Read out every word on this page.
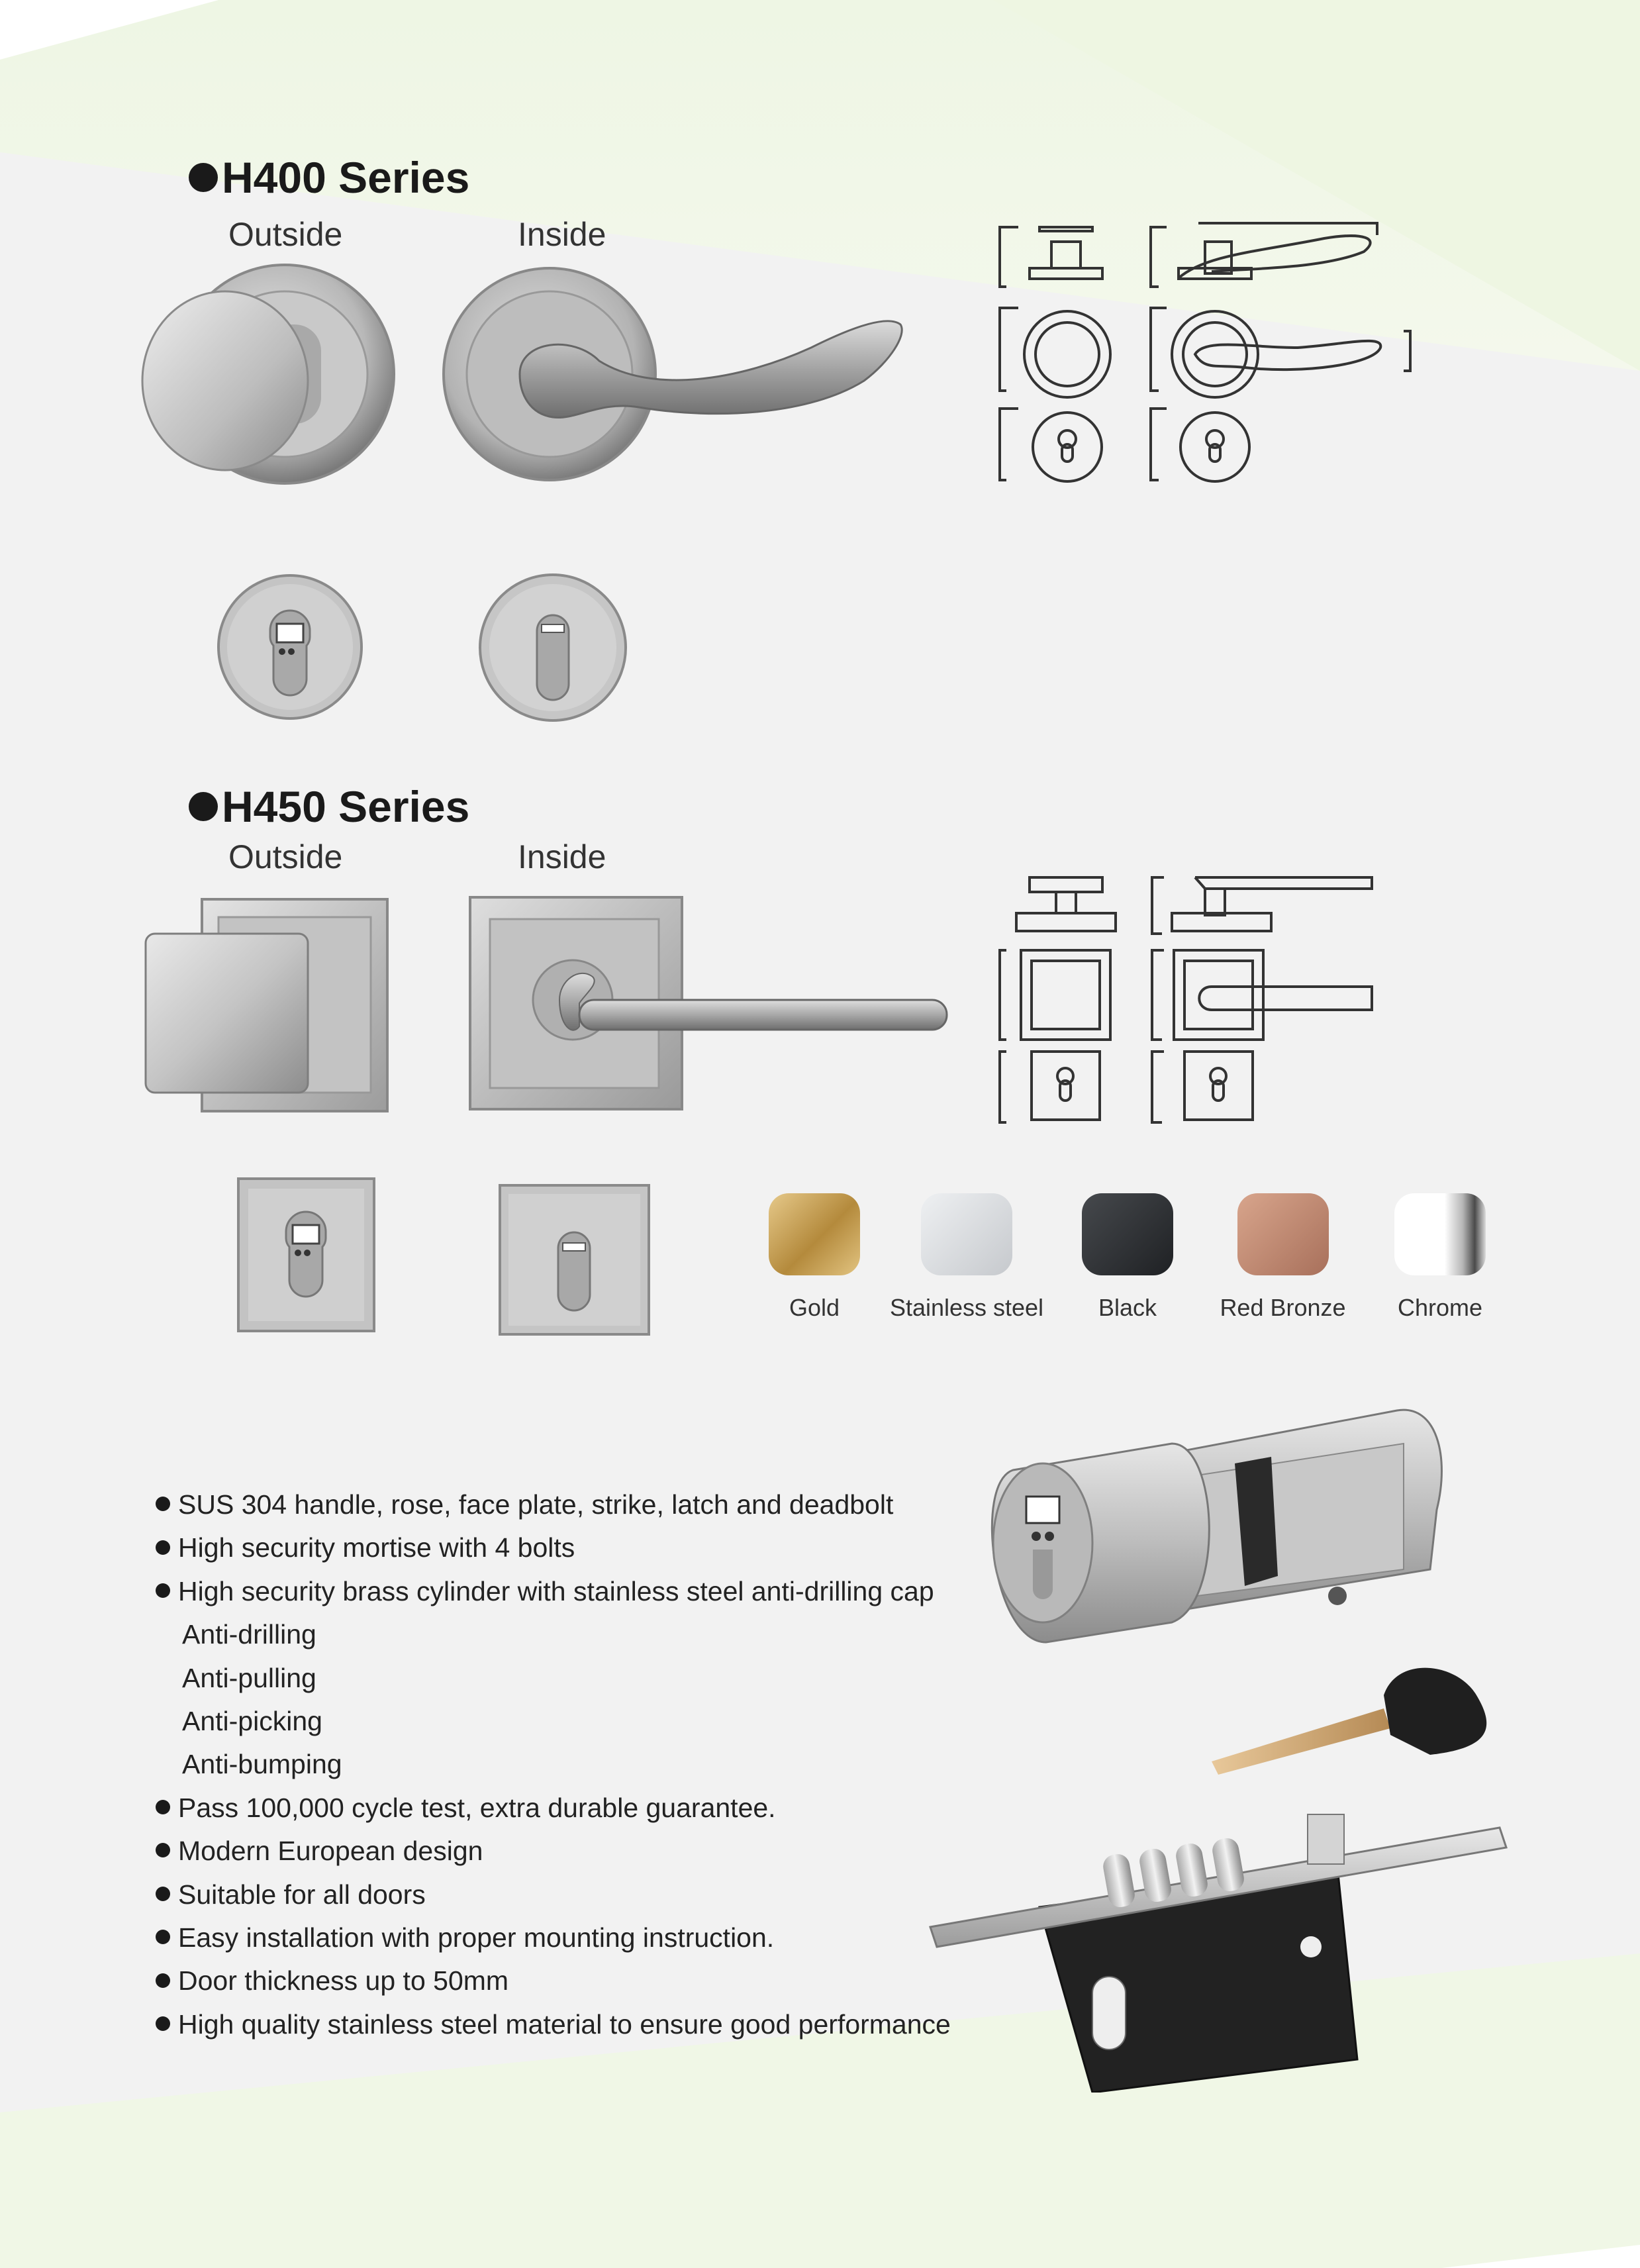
H400 Series
Outside	Inside
H450 Series
Outside	Inside
Gold	Stainless steel	Black	Red Bronze	Chrome
SUS 304 handle, rose, face plate, strike, latch and deadbolt
High security mortise with 4 bolts
High security brass cylinder with stainless steel anti-drilling cap
Anti-drilling
Anti-pulling
Anti-picking
Anti-bumping
Pass 100,000 cycle test, extra durable guarantee.
Modern European design
Suitable for all doors
Easy installation with proper mounting instruction.
Door thickness up to 50mm
High quality stainless steel material to ensure good performance
